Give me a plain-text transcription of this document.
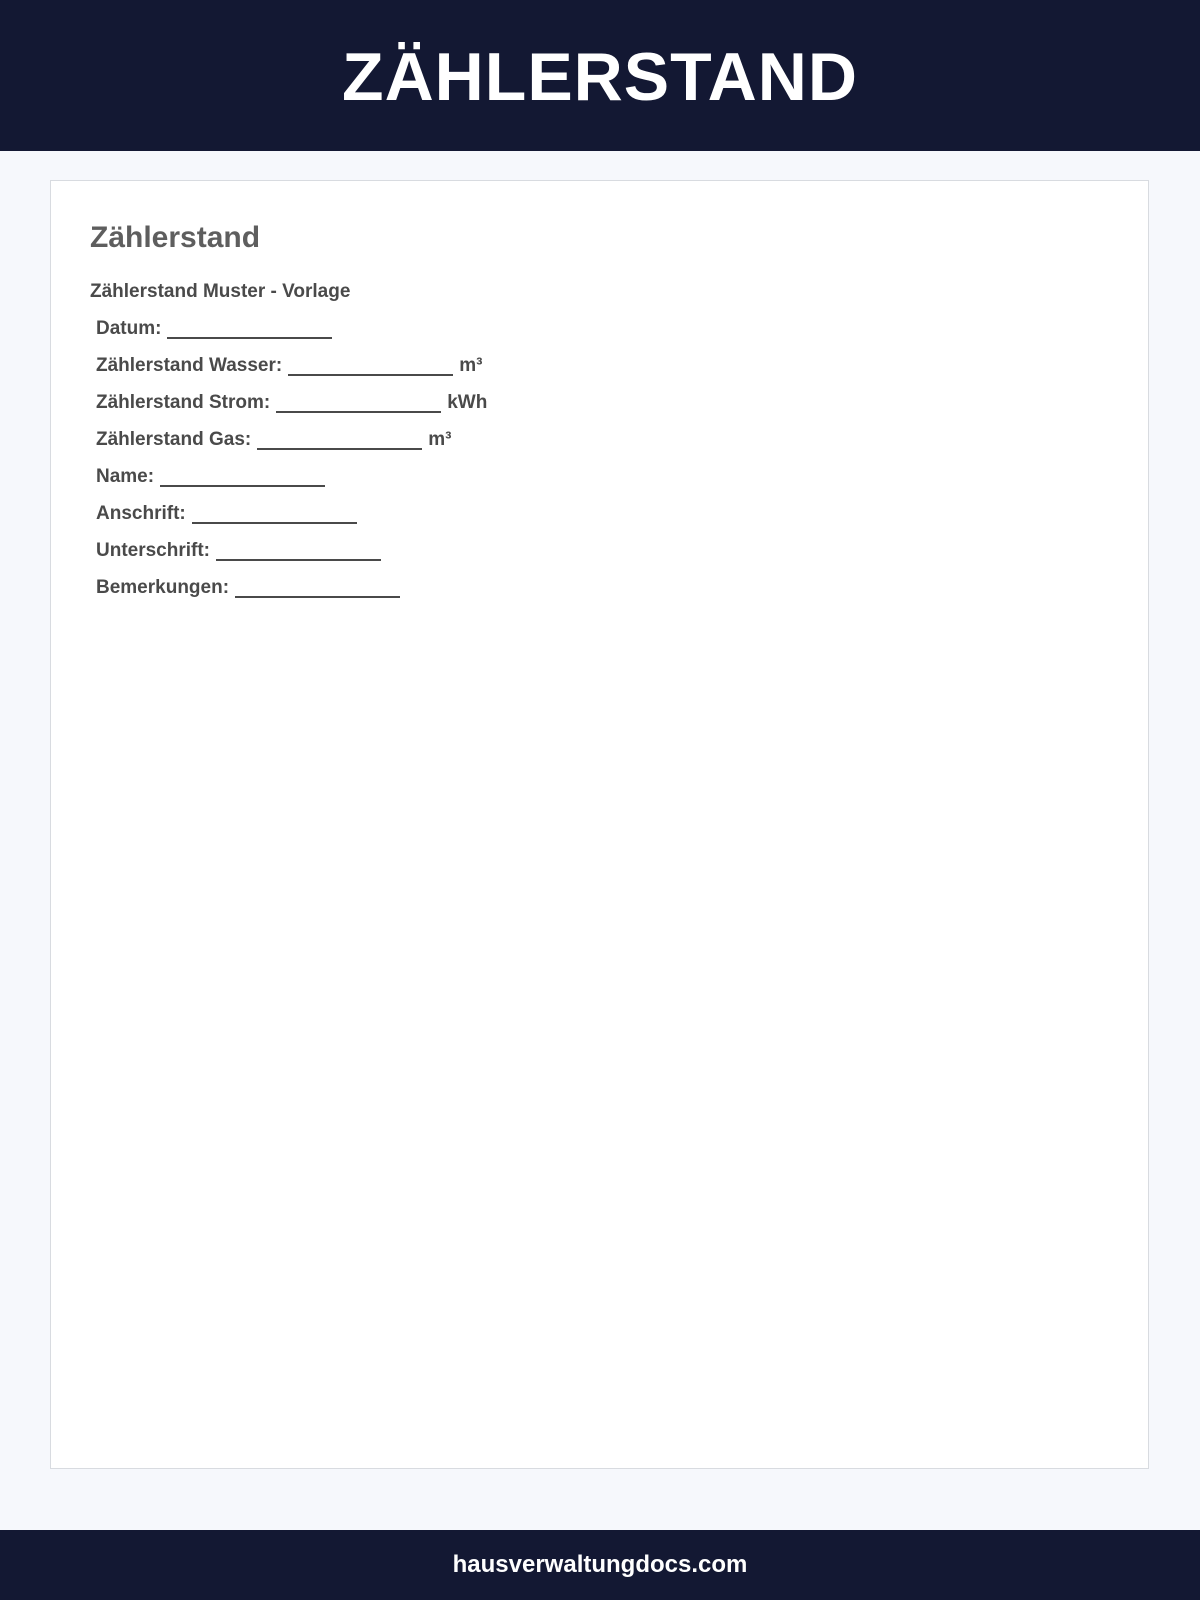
ZÄHLERSTAND
Zählerstand
Zählerstand Muster - Vorlage
Datum:
Zählerstand Wasser:	m³
Zählerstand Strom:	kWh
Zählerstand Gas:	m³
Name:
Anschrift:
Unterschrift:
Bemerkungen:
hausverwaltungdocs.com
